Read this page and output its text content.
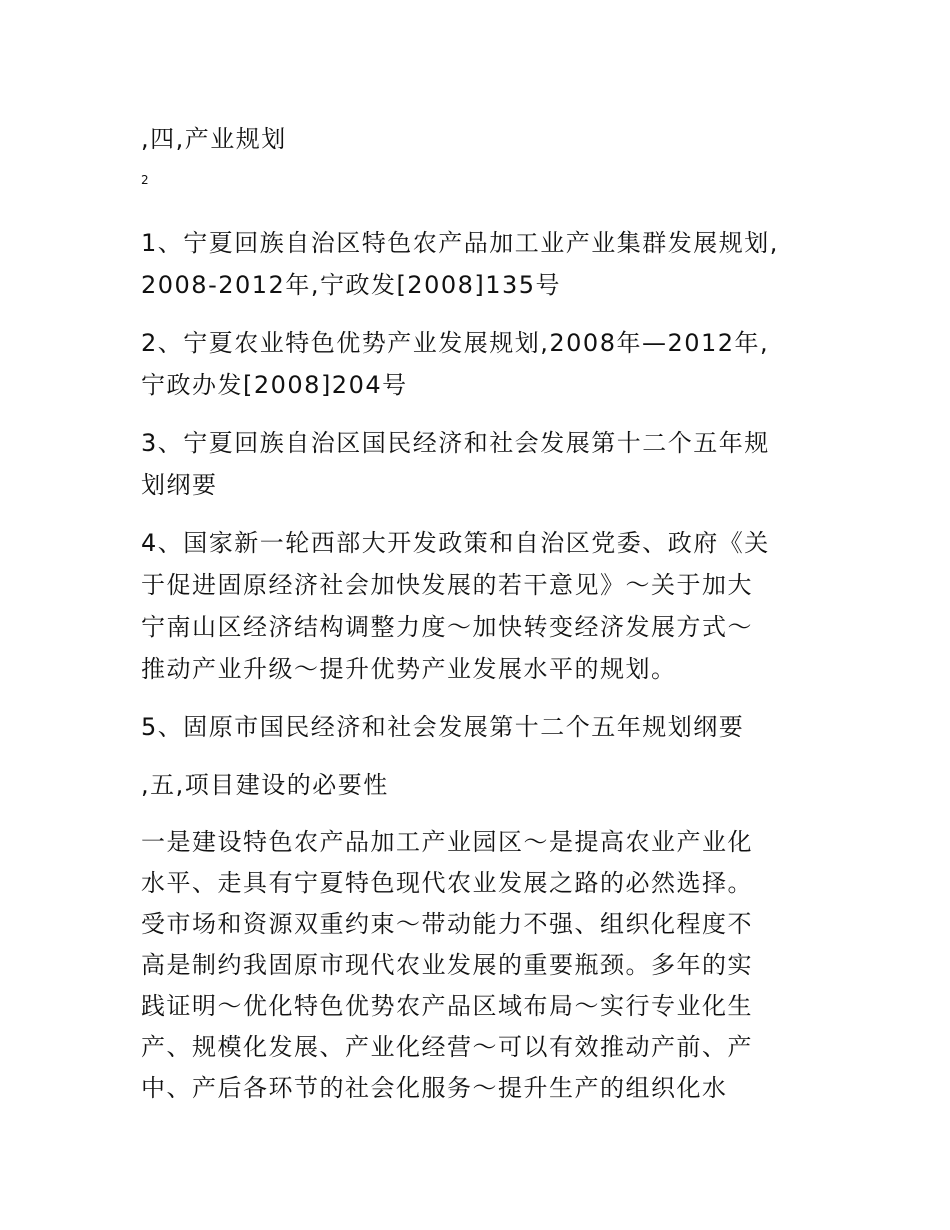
,四,产业规划

2

1、宁夏回族自治区特色农产品加工业产业集群发展规划,

2008-2012年,宁政发[2008]135号

2、宁夏农业特色优势产业发展规划,2008年—2012年,

宁政办发[2008]204号

3、宁夏回族自治区国民经济和社会发展第十二个五年规

划纲要

4、国家新一轮西部大开发政策和自治区党委、政府《关

于促进固原经济社会加快发展的若干意见》～关于加大

宁南山区经济结构调整力度～加快转变经济发展方式～

推动产业升级～提升优势产业发展水平的规划。

5、固原市国民经济和社会发展第十二个五年规划纲要

,五,项目建设的必要性

一是建设特色农产品加工产业园区～是提高农业产业化

水平、走具有宁夏特色现代农业发展之路的必然选择。

受市场和资源双重约束～带动能力不强、组织化程度不

高是制约我固原市现代农业发展的重要瓶颈。多年的实

践证明～优化特色优势农产品区域布局～实行专业化生

产、规模化发展、产业化经营～可以有效推动产前、产

中、产后各环节的社会化服务～提升生产的组织化水
